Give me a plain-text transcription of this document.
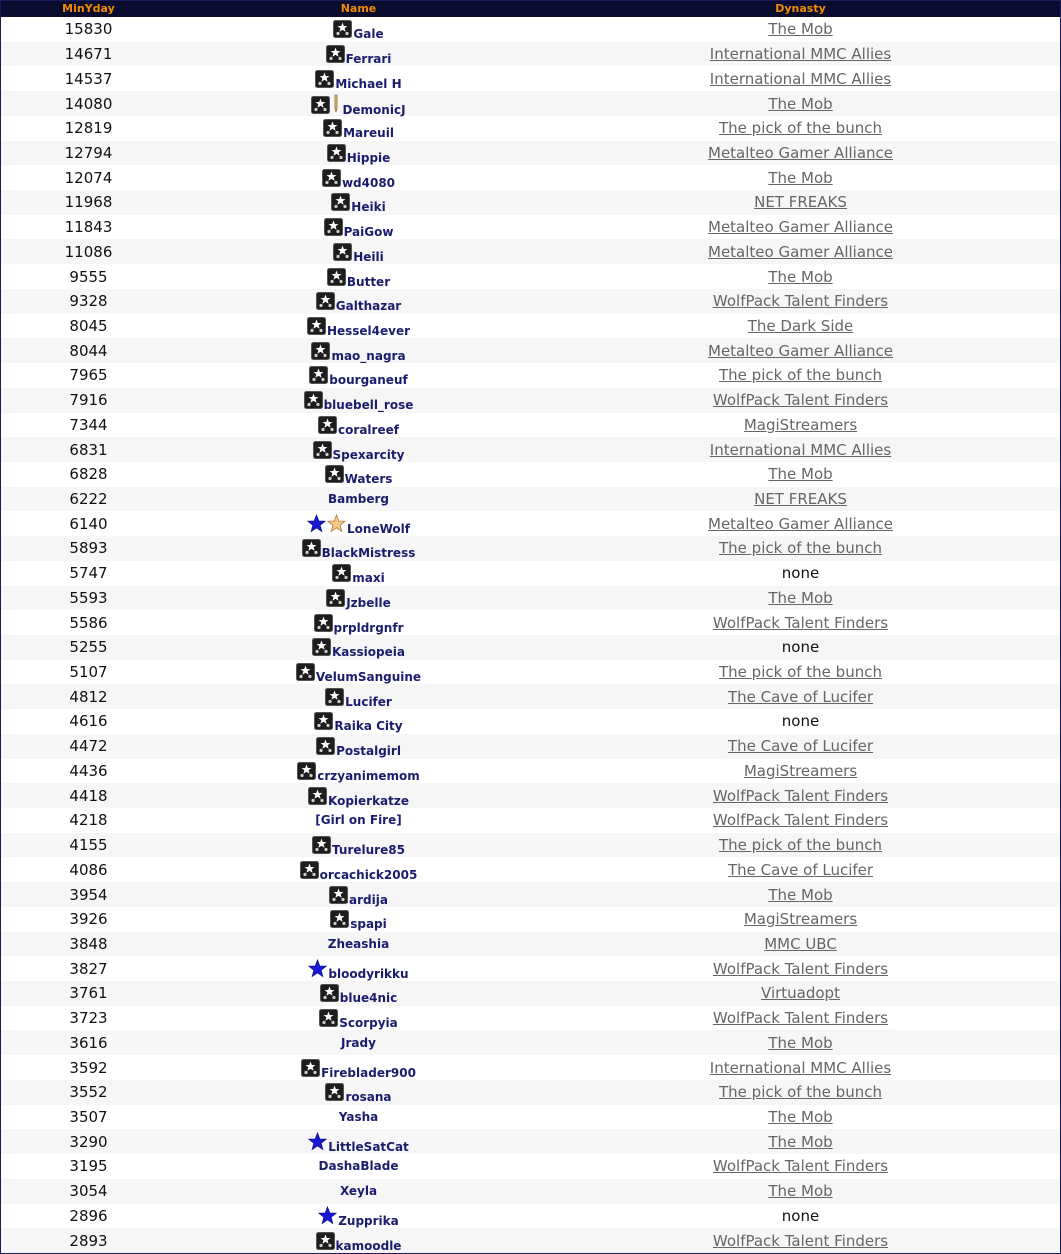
MinYday	Name	Dynasty
15830	Gale	The Mob
14671	Ferrari	International MMC Allies
14537	Michael H	International MMC Allies
14080	DemonicJ	The Mob
12819	Mareuil	The pick of the bunch
12794	Hippie	Metalteo Gamer Alliance
12074	wd4080	The Mob
11968	Heiki	NET FREAKS
11843	PaiGow	Metalteo Gamer Alliance
11086	Heili	Metalteo Gamer Alliance
9555	Butter	The Mob
9328	Galthazar	WolfPack Talent Finders
8045	Hessel4ever	The Dark Side
8044	mao_nagra	Metalteo Gamer Alliance
7965	bourganeuf	The pick of the bunch
7916	bluebell_rose	WolfPack Talent Finders
7344	coralreef	MagiStreamers
6831	Spexarcity	International MMC Allies
6828	Waters	The Mob
6222	Bamberg	NET FREAKS
6140	LoneWolf	Metalteo Gamer Alliance
5893	BlackMistress	The pick of the bunch
5747	maxi	none
5593	Jzbelle	The Mob
5586	prpldrgnfr	WolfPack Talent Finders
5255	Kassiopeia	none
5107	VelumSanguine	The pick of the bunch
4812	Lucifer	The Cave of Lucifer
4616	Raika City	none
4472	Postalgirl	The Cave of Lucifer
4436	crzyanimemom	MagiStreamers
4418	Kopierkatze	WolfPack Talent Finders
4218	[Girl on Fire]	WolfPack Talent Finders
4155	Turelure85	The pick of the bunch
4086	orcachick2005	The Cave of Lucifer
3954	ardija	The Mob
3926	spapi	MagiStreamers
3848	Zheashia	MMC UBC
3827	bloodyrikku	WolfPack Talent Finders
3761	blue4nic	Virtuadopt
3723	Scorpyia	WolfPack Talent Finders
3616	Jrady	The Mob
3592	Fireblader900	International MMC Allies
3552	rosana	The pick of the bunch
3507	Yasha	The Mob
3290	LittleSatCat	The Mob
3195	DashaBlade	WolfPack Talent Finders
3054	Xeyla	The Mob
2896	Zupprika	none
2893	kamoodle	WolfPack Talent Finders
